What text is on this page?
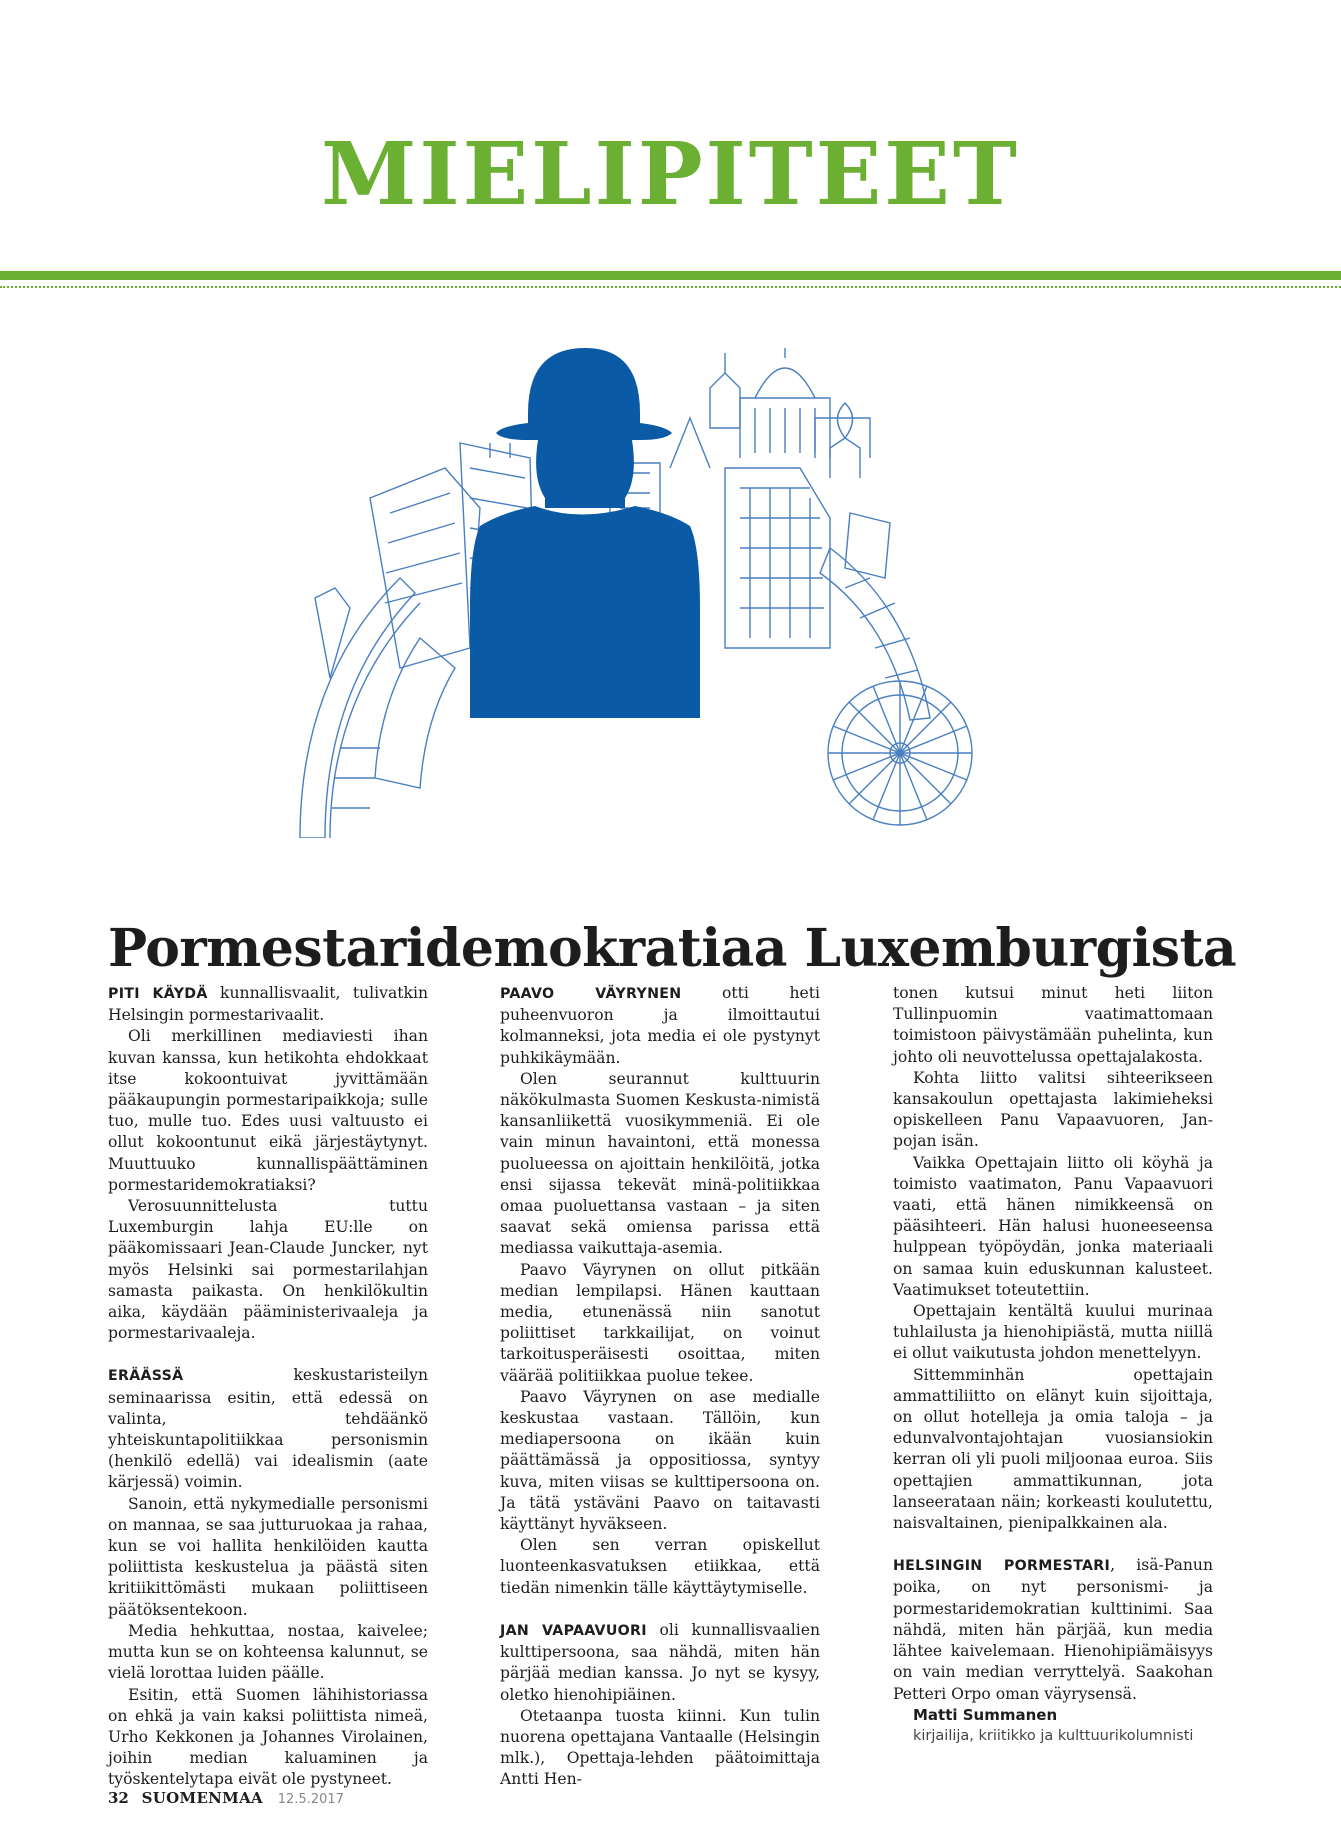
MIELIPITEET
Pormestaridemokratiaa Luxemburgista

PITI KÄYDÄ kunnallisvaalit, tulivatkin Helsingin pormestarivaalit.

Oli merkillinen mediaviesti ihan kuvan kanssa, kun hetikohta ehdokkaat itse kokoontuivat jyvittämään pääkaupungin pormestaripaikkoja; sulle tuo, mulle tuo. Edes uusi valtuusto ei ollut kokoontunut eikä järjestäytynyt. Muuttuuko kunnallispäättäminen pormestaridemokratiaksi?

Verosuunnittelusta tuttu Luxemburgin lahja EU:lle on pääkomissaari Jean-Claude Juncker, nyt myös Helsinki sai pormestarilahjan samasta paikasta. On henkilökultin aika, käydään pääministerivaaleja ja pormestarivaaleja.

ERÄÄSSÄ keskustaristeilyn seminaarissa esitin, että edessä on valinta, tehdäänkö yhteiskuntapolitiikkaa personismin (henkilö edellä) vai idealismin (aate kärjessä) voimin.

Sanoin, että nykymedialle personismi on mannaa, se saa jutturuokaa ja rahaa, kun se voi hallita henkilöiden kautta poliittista keskustelua ja päästä siten kritiikittömästi mukaan poliittiseen päätöksentekoon.

Media hehkuttaa, nostaa, kaivelee; mutta kun se on kohteensa kalunnut, se vielä lorottaa luiden päälle.

Esitin, että Suomen lähihistoriassa on ehkä ja vain kaksi poliittista nimeä, Urho Kekkonen ja Johannes Virolainen, joihin median kaluaminen ja työskentelytapa eivät ole pystyneet.

PAAVO VÄYRYNEN otti heti puheenvuoron ja ilmoittautui kolmanneksi, jota media ei ole pystynyt puhkikäymään.

Olen seurannut kulttuurin näkökulmasta Suomen Keskusta-nimistä kansanliikettä vuosikymmeniä. Ei ole vain minun havaintoni, että monessa puolueessa on ajoittain henkilöitä, jotka ensi sijassa tekevät minä-politiikkaa omaa puoluettansa vastaan – ja siten saavat sekä omiensa parissa että mediassa vaikuttaja-asemia.

Paavo Väyrynen on ollut pitkään median lempilapsi. Hänen kauttaan media, etunenässä niin sanotut poliittiset tarkkailijat, on voinut tarkoitusperäisesti osoittaa, miten väärää politiikkaa puolue tekee.

Paavo Väyrynen on ase medialle keskustaa vastaan. Tällöin, kun mediapersoona on ikään kuin päättämässä ja oppositiossa, syntyy kuva, miten viisas se kulttipersoona on. Ja tätä ystäväni Paavo on taitavasti käyttänyt hyväkseen.

Olen sen verran opiskellut luonteenkasvatuksen etiikkaa, että tiedän nimenkin tälle käyttäytymiselle.

JAN VAPAAVUORI oli kunnallisvaalien kulttipersoona, saa nähdä, miten hän pärjää median kanssa. Jo nyt se kysyy, oletko hienohipiäinen.

Otetaanpa tuosta kiinni. Kun tulin nuorena opettajana Vantaalle (Helsingin mlk.), Opettaja-lehden päätoimittaja Antti Hen-

tonen kutsui minut heti liiton Tullinpuomin vaatimattomaan toimistoon päivystämään puhelinta, kun johto oli neuvottelussa opettajalakosta.

Kohta liitto valitsi sihteerikseen kansakoulun opettajasta lakimieheksi opiskelleen Panu Vapaavuoren, Jan-pojan isän.

Vaikka Opettajain liitto oli köyhä ja toimisto vaatimaton, Panu Vapaavuori vaati, että hänen nimikkeensä on pääsihteeri. Hän halusi huoneeseensa hulppean työpöydän, jonka materiaali on samaa kuin eduskunnan kalusteet. Vaatimukset toteutettiin.

Opettajain kentältä kuului murinaa tuhlailusta ja hienohipiästä, mutta niillä ei ollut vaikutusta johdon menettelyyn.

Sittemminhän opettajain ammattiliitto on elänyt kuin sijoittaja, on ollut hotelleja ja omia taloja – ja edunvalvontajohtajan vuosiansiokin kerran oli yli puoli miljoonaa euroa. Siis opettajien ammattikunnan, jota lanseerataan näin; korkeasti koulutettu, naisvaltainen, pienipalkkainen ala.

HELSINGIN PORMESTARI, isä-Panun poika, on nyt personismi- ja pormestaridemokratian kulttinimi. Saa nähdä, miten hän pärjää, kun media lähtee kaivelemaan. Hienohipiämäisyys on vain median verryttelyä. Saakohan Petteri Orpo oman väyrysensä.

Matti Summanen

kirjailija, kriitikko ja kulttuurikolumnisti

32 SUOMENMAA 12.5.2017
